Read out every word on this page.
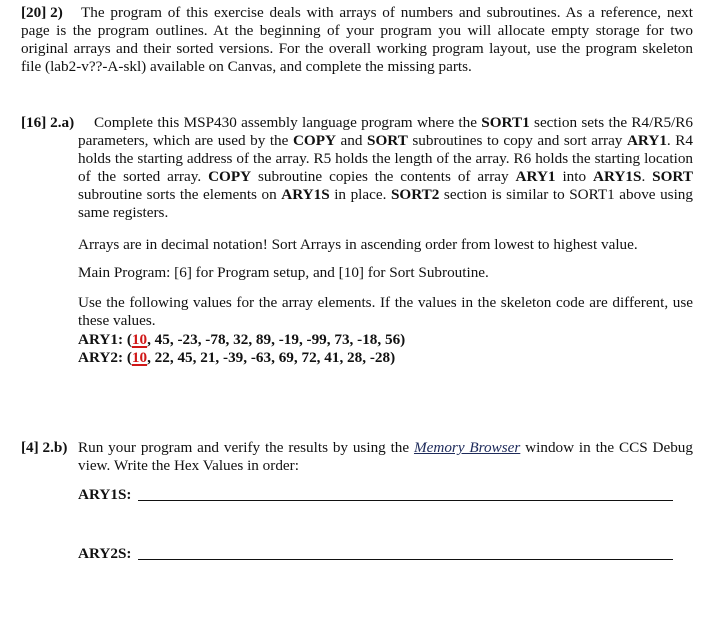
[20] 2)	The program of this exercise deals with arrays of numbers and subroutines. As a reference, next page is the program outlines. At the beginning of your program you will allocate empty storage for two original arrays and their sorted versions. For the overall working program layout, use the program skeleton file (lab2-v??-A-skl) available on Canvas, and complete the missing parts.
[16] 2.a)	Complete this MSP430 assembly language program where the SORT1 section sets the R4/R5/R6 parameters, which are used by the COPY and SORT subroutines to copy and sort array ARY1. R4 holds the starting address of the array. R5 holds the length of the array. R6 holds the starting location of the sorted array. COPY subroutine copies the contents of array ARY1 into ARY1S. SORT subroutine sorts the elements on ARY1S in place. SORT2 section is similar to SORT1 above using same registers.
Arrays are in decimal notation! Sort Arrays in ascending order from lowest to highest value.
Main Program: [6] for Program setup, and [10] for Sort Subroutine.
Use the following values for the array elements. If the values in the skeleton code are different, use these values.
ARY1: (10, 45, -23, -78, 32, 89, -19, -99, 73, -18, 56)
ARY2: (10, 22, 45, 21, -39, -63, 69, 72, 41, 28, -28)
[4] 2.b) Run your program and verify the results by using the Memory Browser window in the CCS Debug view. Write the Hex Values in order:
ARY1S:
ARY2S:
